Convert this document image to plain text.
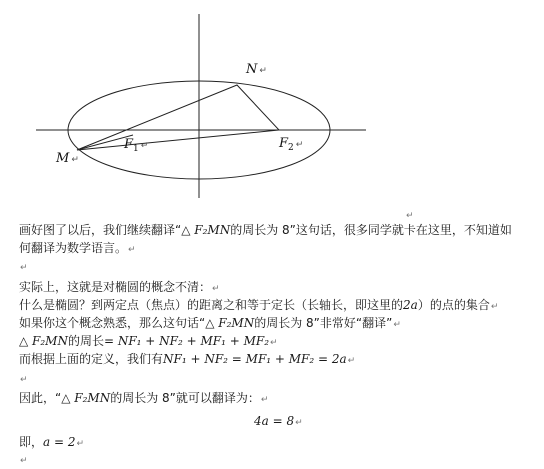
N ↵
M ↵
$F_1$ ↵	$F_2$ ↵
↵
画好图了以后，我们继续翻译“△ F₂MN的周长为 8”这句话，很多同学就卡在这里，不知道如
何翻译为数学语言。↵
↵
实际上，这就是对椭圆的概念不清：↵
什么是椭圆？到两定点（焦点）的距离之和等于定长（长轴长，即这里的2a）的点的集合↵
如果你这个概念熟悉，那么这句话“△ F₂MN的周长为 8”非常好“翻译”↵
△ F₂MN的周长= NF₁ + NF₂ + MF₁ + MF₂↵
而根据上面的定义，我们有NF₁ + NF₂ = MF₁ + MF₂ = 2a↵
↵
因此，“△ F₂MN的周长为 8”就可以翻译为：↵
4a = 8↵
即，a = 2↵
↵
